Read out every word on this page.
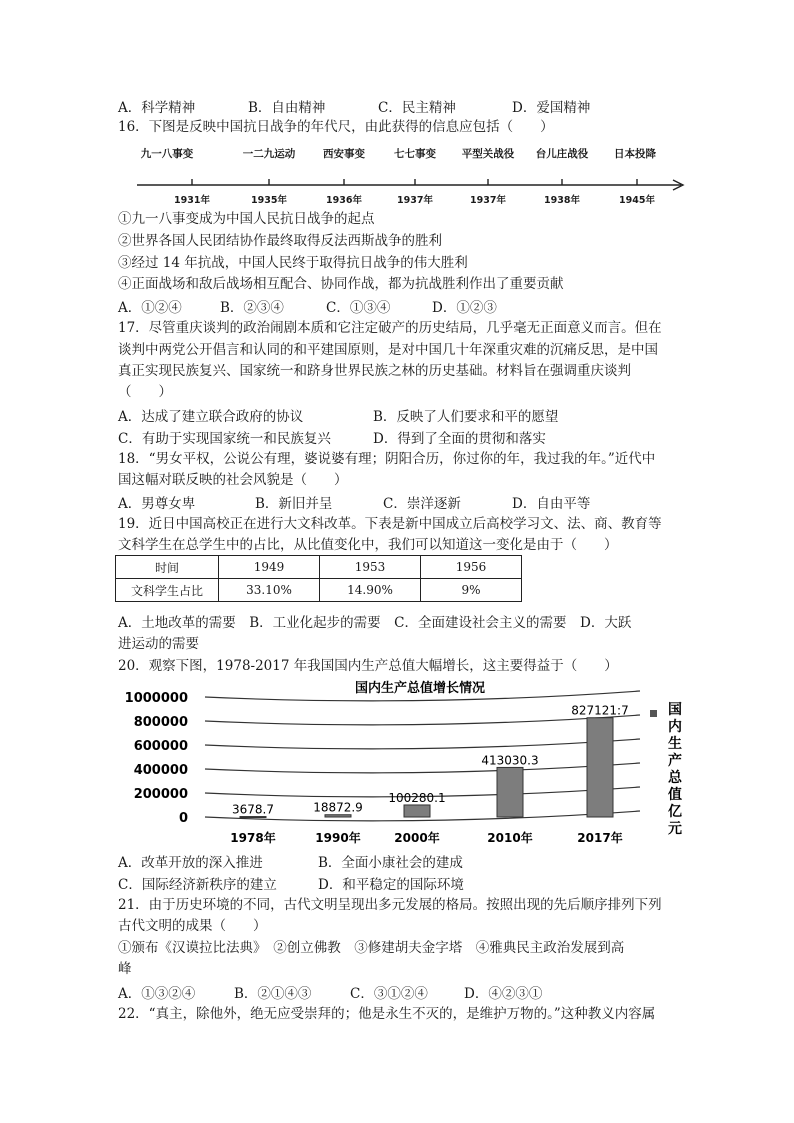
A．科学精神	B．自由精神	C．民主精神	D．爱国精神
16．下图是反映中国抗日战争的年代尺，由此获得的信息应包括（　　）
九一八事变	一二九运动	西安事变	七七事变 平型关战役 台儿庄战役 日本投降
1931年	1935年	1936年	1937年	1937年	1938年	1945年
①九一八事变成为中国人民抗日战争的起点
②世界各国人民团结协作最终取得反法西斯战争的胜利
③经过 14 年抗战，中国人民终于取得抗日战争的伟大胜利
④正面战场和敌后战场相互配合、协同作战，都为抗战胜利作出了重要贡献
A．①②④	B．②③④	C．①③④	D．①②③
17．尽管重庆谈判的政治闹剧本质和它注定破产的历史结局，几乎毫无正面意义而言。但在
谈判中两党公开倡言和认同的和平建国原则，是对中国几十年深重灾难的沉痛反思，是中国
真正实现民族复兴、国家统一和跻身世界民族之林的历史基础。材料旨在强调重庆谈判
（　　）
A．达成了建立联合政府的协议	B．反映了人们要求和平的愿望
C．有助于实现国家统一和民族复兴	D．得到了全面的贯彻和落实
18．“男女平权，公说公有理，婆说婆有理；阴阳合历，你过你的年，我过我的年。”近代中
国这幅对联反映的社会风貌是（　　）
A．男尊女卑	B．新旧并呈	C．崇洋逐新	D．自由平等
19．近日中国高校正在进行大文科改革。下表是新中国成立后高校学习文、法、商、教育等
文科学生在总学生中的占比，从比值变化中，我们可以知道这一变化是由于（　　）
时间	1949	1953	1956
文科学生占比	33.10%	14.90%	9%
A．土地改革的需要　B．工业化起步的需要　C．全面建设社会主义的需要　D．大跃
进运动的需要
20．观察下图，1978-2017 年我国国内生产总值大幅增长，这主要得益于（　　）
国内生产总值增长情况
1000000
800000
600000
400000
200000
0
3678.7	18872.9
100280.1
413030.3
827121:7
1978年	1990年	2000年	2010年	2017年
国
内
生
产
总
值
亿
元
A．改革开放的深入推进	B．全面小康社会的建成
C．国际经济新秩序的建立	D．和平稳定的国际环境
21．由于历史环境的不同，古代文明呈现出多元发展的格局。按照出现的先后顺序排列下列
古代文明的成果（　　）
①颁布《汉谟拉比法典》　②创立佛教　③修建胡夫金字塔　④雅典民主政治发展到高
峰
A．①③②④	B．②①④③	C．③①②④	D．④②③①
22．“真主，除他外，绝无应受崇拜的；他是永生不灭的，是维护万物的。”这种教义内容属
